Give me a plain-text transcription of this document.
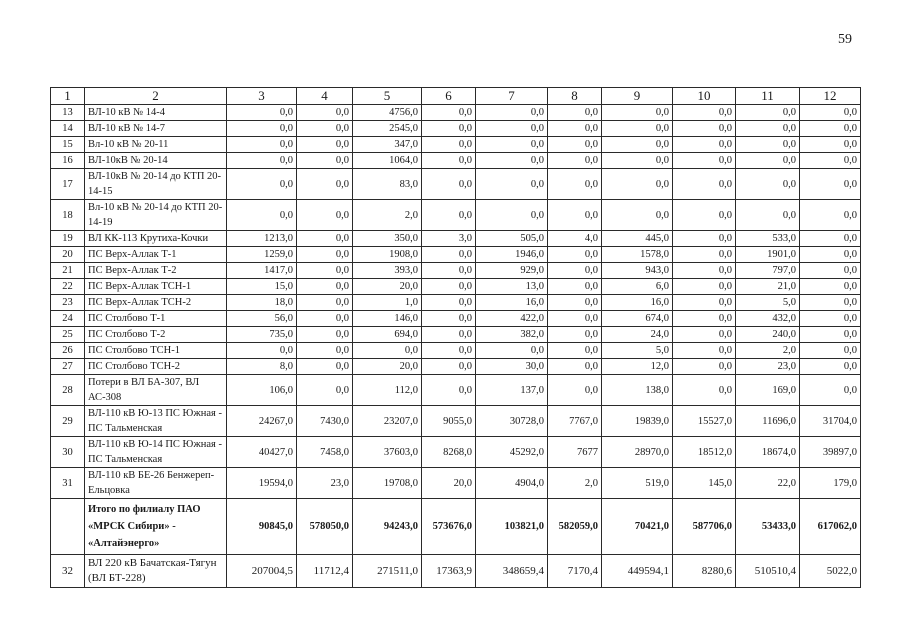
59
1	2	3	4	5	6	7	8	9	10	11	12
13	ВЛ-10 кВ № 14-4	0,0	0,0	4756,0	0,0	0,0	0,0	0,0	0,0	0,0	0,0
14	ВЛ-10 кВ № 14-7	0,0	0,0	2545,0	0,0	0,0	0,0	0,0	0,0	0,0	0,0
15	Вл-10 кВ № 20-11	0,0	0,0	347,0	0,0	0,0	0,0	0,0	0,0	0,0	0,0
16	ВЛ-10кВ № 20-14	0,0	0,0	1064,0	0,0	0,0	0,0	0,0	0,0	0,0	0,0
17	ВЛ-10кВ № 20-14 до КТП 20-14-15	0,0	0,0	83,0	0,0	0,0	0,0	0,0	0,0	0,0	0,0
18	Вл-10 кВ № 20-14 до КТП 20-14-19	0,0	0,0	2,0	0,0	0,0	0,0	0,0	0,0	0,0	0,0
19	ВЛ КК-113 Крутиха-Кочки	1213,0	0,0	350,0	3,0	505,0	4,0	445,0	0,0	533,0	0,0
20	ПС Верх-Аллак Т-1	1259,0	0,0	1908,0	0,0	1946,0	0,0	1578,0	0,0	1901,0	0,0
21	ПС Верх-Аллак Т-2	1417,0	0,0	393,0	0,0	929,0	0,0	943,0	0,0	797,0	0,0
22	ПС Верх-Аллак ТСН-1	15,0	0,0	20,0	0,0	13,0	0,0	6,0	0,0	21,0	0,0
23	ПС Верх-Аллак ТСН-2	18,0	0,0	1,0	0,0	16,0	0,0	16,0	0,0	5,0	0,0
24	ПС Столбово Т-1	56,0	0,0	146,0	0,0	422,0	0,0	674,0	0,0	432,0	0,0
25	ПС Столбово Т-2	735,0	0,0	694,0	0,0	382,0	0,0	24,0	0,0	240,0	0,0
26	ПС Столбово ТСН-1	0,0	0,0	0,0	0,0	0,0	0,0	5,0	0,0	2,0	0,0
27	ПС Столбово ТСН-2	8,0	0,0	20,0	0,0	30,0	0,0	12,0	0,0	23,0	0,0
28	Потери в ВЛ БА-307, ВЛ АС-308	106,0	0,0	112,0	0,0	137,0	0,0	138,0	0,0	169,0	0,0
29	ВЛ-110 кВ Ю-13 ПС Южная - ПС Тальменская	24267,0	7430,0	23207,0	9055,0	30728,0	7767,0	19839,0	15527,0	11696,0	31704,0
30	ВЛ-110 кВ Ю-14 ПС Южная - ПС Тальменская	40427,0	7458,0	37603,0	8268,0	45292,0	7677	28970,0	18512,0	18674,0	39897,0
31	ВЛ-110 кВ БЕ-26 Бенжереп-Ельцовка	19594,0	23,0	19708,0	20,0	4904,0	2,0	519,0	145,0	22,0	179,0
	Итого по филиалу ПАО «МРСК Сибири» - «Алтайэнерго»	90845,0	578050,0	94243,0	573676,0	103821,0	582059,0	70421,0	587706,0	53433,0	617062,0
32	ВЛ 220 кВ Бачатская-Тягун (ВЛ БТ-228)	207004,5	11712,4	271511,0	17363,9	348659,4	7170,4	449594,1	8280,6	510510,4	5022,0
